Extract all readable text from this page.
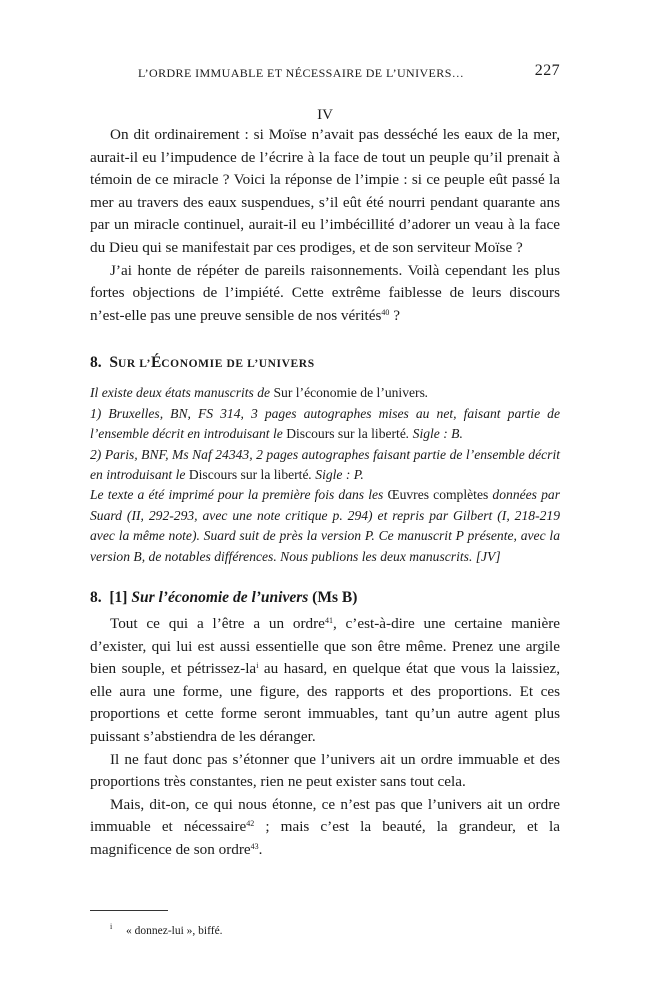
L’ORDRE IMMUABLE ET NÉCESSAIRE DE L’UNIVERS…	227
IV

On dit ordinairement : si Moïse n’avait pas desséché les eaux de la mer, aurait-il eu l’impudence de l’écrire à la face de tout un peuple qu’il prenait à témoin de ce miracle ? Voici la réponse de l’impie : si ce peuple eût passé la mer au travers des eaux suspendues, s’il eût été nourri pendant quarante ans par un miracle continuel, aurait-il eu l’imbécillité d’adorer un veau à la face du Dieu qui se manifestait par ces prodiges, et de son serviteur Moïse ?

J’ai honte de répéter de pareils raisonnements. Voilà cependant les plus fortes objections de l’impiété. Cette extrême faiblesse de leurs discours n’est-elle pas une preuve sensible de nos vérités$^{40}$ ?

8. SUR L’ÉCONOMIE DE L’UNIVERS

Il existe deux états manuscrits de Sur l’économie de l’univers.

1) Bruxelles, BN, FS 314, 3 pages autographes mises au net, faisant partie de l’ensemble décrit en introduisant le Discours sur la liberté. Sigle : B.

2) Paris, BNF, Ms Naf 24343, 2 pages autographes faisant partie de l’ensemble décrit en introduisant le Discours sur la liberté. Sigle : P.

Le texte a été imprimé pour la première fois dans les Œuvres complètes données par Suard (II, 292-293, avec une note critique p. 294) et repris par Gilbert (I, 218-219 avec la même note). Suard suit de près la version P. Ce manuscrit P présente, avec la version B, de notables différences. Nous publions les deux manuscrits. [JV]

8. [1] Sur l’économie de l’univers (Ms B)

Tout ce qui a l’être a un ordre$^{41}$, c’est-à-dire une certaine manière d’exister, qui lui est aussi essentielle que son être même. Prenez une argile bien souple, et pétrissez-$la^i$ au hasard, en quelque état que vous la laissiez, elle aura une forme, une figure, des rapports et des proportions. Et ces proportions et cette forme seront immuables, tant qu’un autre agent plus puissant s’abstiendra de les déranger.

Il ne faut donc pas s’étonner que l’univers ait un ordre immuable et des proportions très constantes, rien ne peut exister sans tout cela.

Mais, dit-on, ce qui nous étonne, ce n’est pas que l’univers ait un ordre immuable et nécessaire$^{42}$ ; mais c’est la beauté, la grandeur, et la magnificence de son ordre$^{43}$.

i « donnez-lui », biffé.
